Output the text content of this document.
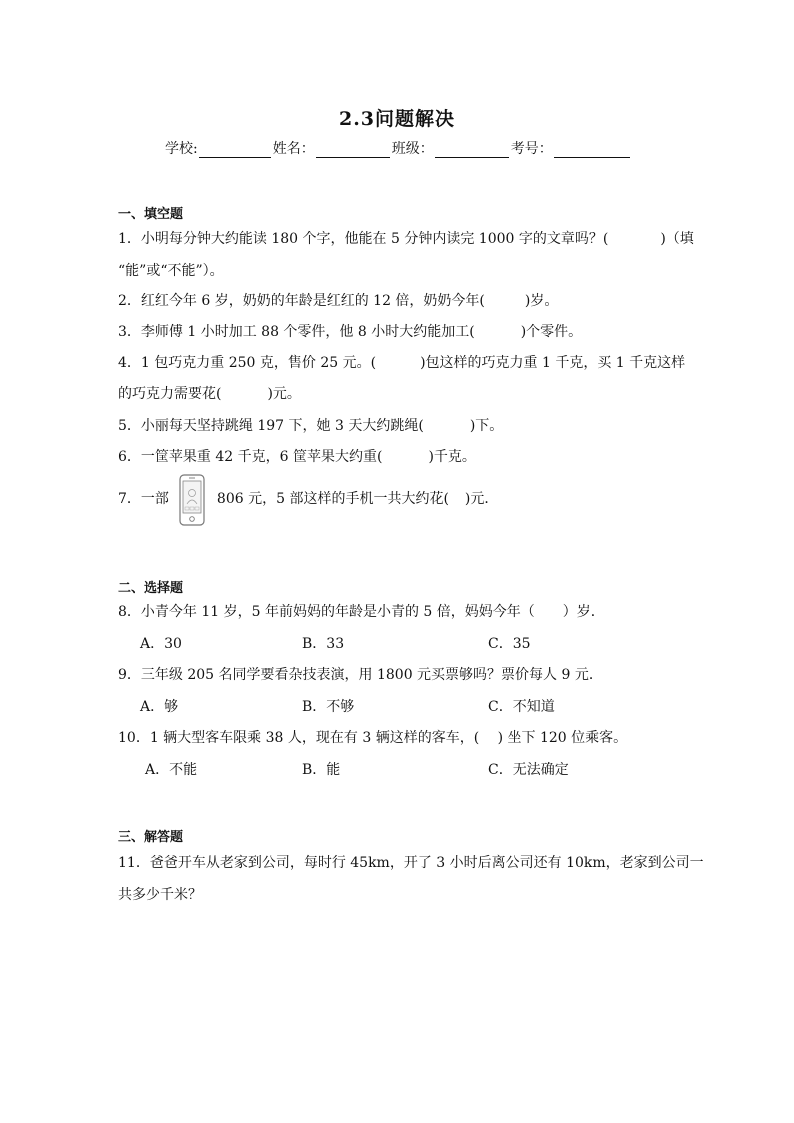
2.3问题解决
学校:	姓名：	班级：	考号：
一、填空题
1．小明每分钟大约能读 180 个字，他能在 5 分钟内读完 1000 字的文章吗？(	)（填
“能”或“不能”）。
2．红红今年 6 岁，奶奶的年龄是红红的 12 倍，奶奶今年(	)岁。
3．李师傅 1 小时加工 88 个零件，他 8 小时大约能加工(	)个零件。
4．1 包巧克力重 250 克，售价 25 元。(	)包这样的巧克力重 1 千克，买 1 千克这样
的巧克力需要花(	)元。
5．小丽每天坚持跳绳 197 下，她 3 天大约跳绳(	)下。
6．一筐苹果重 42 千克，6 筐苹果大约重(	)千克。
7．一部	806 元，5 部这样的手机一共大约花( )元．
二、选择题
8．小青今年 11 岁，5 年前妈妈的年龄是小青的 5 倍，妈妈今年（　　）岁．
A．30	B．33	C．35
9．三年级 205 名同学要看杂技表演，用 1800 元买票够吗？票价每人 9 元．
A．够	B．不够	C．不知道
10．1 辆大型客车限乘 38 人，现在有 3 辆这样的客车，(　 ) 坐下 120 位乘客。
A．不能	B．能	C．无法确定
三、解答题
11．爸爸开车从老家到公司，每时行 45km，开了 3 小时后离公司还有 10km，老家到公司一
共多少千米？
